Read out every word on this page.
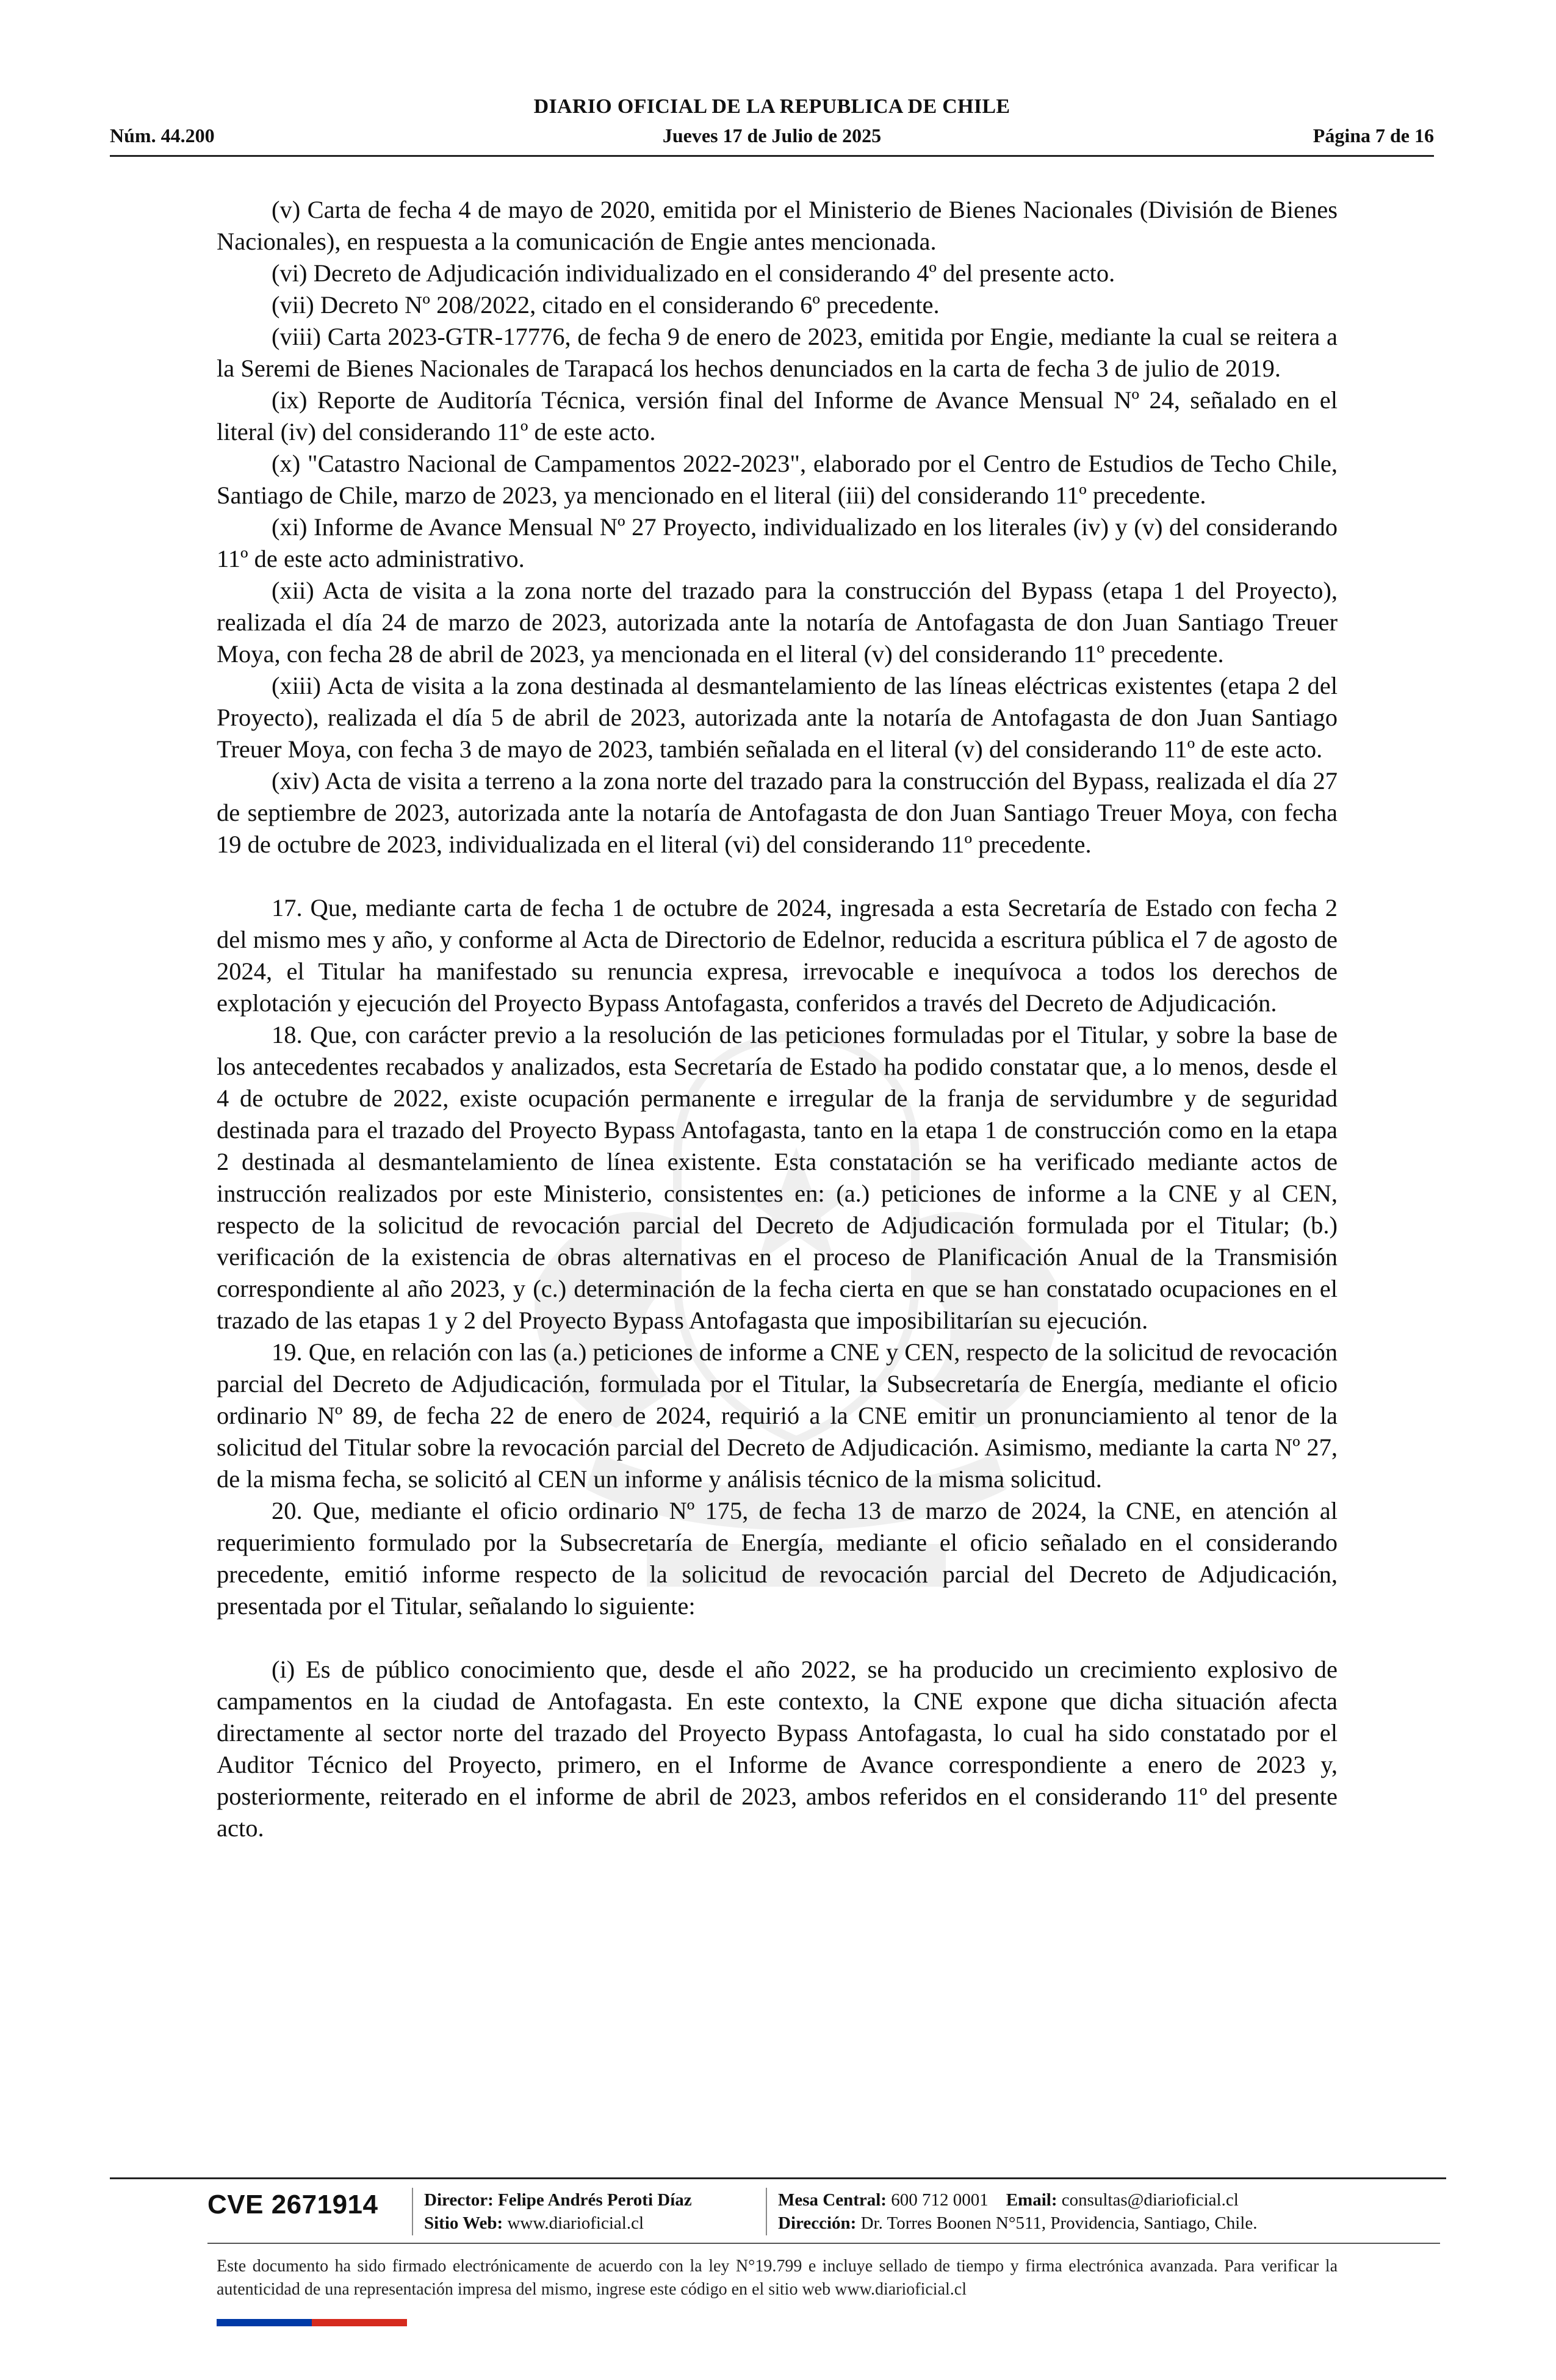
DIARIO OFICIAL DE LA REPUBLICA DE CHILE
Núm. 44.200	Jueves 17 de Julio de 2025	Página 7 de 16

(v) Carta de fecha 4 de mayo de 2020, emitida por el Ministerio de Bienes Nacionales (División de Bienes Nacionales), en respuesta a la comunicación de Engie antes mencionada.

(vi) Decreto de Adjudicación individualizado en el considerando 4º del presente acto.

(vii) Decreto Nº 208/2022, citado en el considerando 6º precedente.

(viii) Carta 2023-GTR-17776, de fecha 9 de enero de 2023, emitida por Engie, mediante la cual se reitera a la Seremi de Bienes Nacionales de Tarapacá los hechos denunciados en la carta de fecha 3 de julio de 2019.

(ix) Reporte de Auditoría Técnica, versión final del Informe de Avance Mensual Nº 24, señalado en el literal (iv) del considerando 11º de este acto.

(x) "Catastro Nacional de Campamentos 2022-2023", elaborado por el Centro de Estudios de Techo Chile, Santiago de Chile, marzo de 2023, ya mencionado en el literal (iii) del considerando 11º precedente.

(xi) Informe de Avance Mensual Nº 27 Proyecto, individualizado en los literales (iv) y (v) del considerando 11º de este acto administrativo.

(xii) Acta de visita a la zona norte del trazado para la construcción del Bypass (etapa 1 del Proyecto), realizada el día 24 de marzo de 2023, autorizada ante la notaría de Antofagasta de don Juan Santiago Treuer Moya, con fecha 28 de abril de 2023, ya mencionada en el literal (v) del considerando 11º precedente.

(xiii) Acta de visita a la zona destinada al desmantelamiento de las líneas eléctricas existentes (etapa 2 del Proyecto), realizada el día 5 de abril de 2023, autorizada ante la notaría de Antofagasta de don Juan Santiago Treuer Moya, con fecha 3 de mayo de 2023, también señalada en el literal (v) del considerando 11º de este acto.

(xiv) Acta de visita a terreno a la zona norte del trazado para la construcción del Bypass, realizada el día 27 de septiembre de 2023, autorizada ante la notaría de Antofagasta de don Juan Santiago Treuer Moya, con fecha 19 de octubre de 2023, individualizada en el literal (vi) del considerando 11º precedente.

17. Que, mediante carta de fecha 1 de octubre de 2024, ingresada a esta Secretaría de Estado con fecha 2 del mismo mes y año, y conforme al Acta de Directorio de Edelnor, reducida a escritura pública el 7 de agosto de 2024, el Titular ha manifestado su renuncia expresa, irrevocable e inequívoca a todos los derechos de explotación y ejecución del Proyecto Bypass Antofagasta, conferidos a través del Decreto de Adjudicación.

18. Que, con carácter previo a la resolución de las peticiones formuladas por el Titular, y sobre la base de los antecedentes recabados y analizados, esta Secretaría de Estado ha podido constatar que, a lo menos, desde el 4 de octubre de 2022, existe ocupación permanente e irregular de la franja de servidumbre y de seguridad destinada para el trazado del Proyecto Bypass Antofagasta, tanto en la etapa 1 de construcción como en la etapa 2 destinada al desmantelamiento de línea existente. Esta constatación se ha verificado mediante actos de instrucción realizados por este Ministerio, consistentes en: (a.) peticiones de informe a la CNE y al CEN, respecto de la solicitud de revocación parcial del Decreto de Adjudicación formulada por el Titular; (b.) verificación de la existencia de obras alternativas en el proceso de Planificación Anual de la Transmisión correspondiente al año 2023, y (c.) determinación de la fecha cierta en que se han constatado ocupaciones en el trazado de las etapas 1 y 2 del Proyecto Bypass Antofagasta que imposibilitarían su ejecución.

19. Que, en relación con las (a.) peticiones de informe a CNE y CEN, respecto de la solicitud de revocación parcial del Decreto de Adjudicación, formulada por el Titular, la Subsecretaría de Energía, mediante el oficio ordinario Nº 89, de fecha 22 de enero de 2024, requirió a la CNE emitir un pronunciamiento al tenor de la solicitud del Titular sobre la revocación parcial del Decreto de Adjudicación. Asimismo, mediante la carta Nº 27, de la misma fecha, se solicitó al CEN un informe y análisis técnico de la misma solicitud.

20. Que, mediante el oficio ordinario Nº 175, de fecha 13 de marzo de 2024, la CNE, en atención al requerimiento formulado por la Subsecretaría de Energía, mediante el oficio señalado en el considerando precedente, emitió informe respecto de la solicitud de revocación parcial del Decreto de Adjudicación, presentada por el Titular, señalando lo siguiente:

(i) Es de público conocimiento que, desde el año 2022, se ha producido un crecimiento explosivo de campamentos en la ciudad de Antofagasta. En este contexto, la CNE expone que dicha situación afecta directamente al sector norte del trazado del Proyecto Bypass Antofagasta, lo cual ha sido constatado por el Auditor Técnico del Proyecto, primero, en el Informe de Avance correspondiente a enero de 2023 y, posteriormente, reiterado en el informe de abril de 2023, ambos referidos en el considerando 11º del presente acto.

CVE 2671914	Director: Felipe Andrés Peroti Díaz
Sitio Web: www.diarioficial.cl
Mesa Central: 600 712 0001 Email: consultas@diarioficial.cl
Dirección: Dr. Torres Boonen N°511, Providencia, Santiago, Chile.
Este documento ha sido firmado electrónicamente de acuerdo con la ley N°19.799 e incluye sellado de tiempo y firma electrónica avanzada. Para verificar la autenticidad de una representación impresa del mismo, ingrese este código en el sitio web www.diarioficial.cl
